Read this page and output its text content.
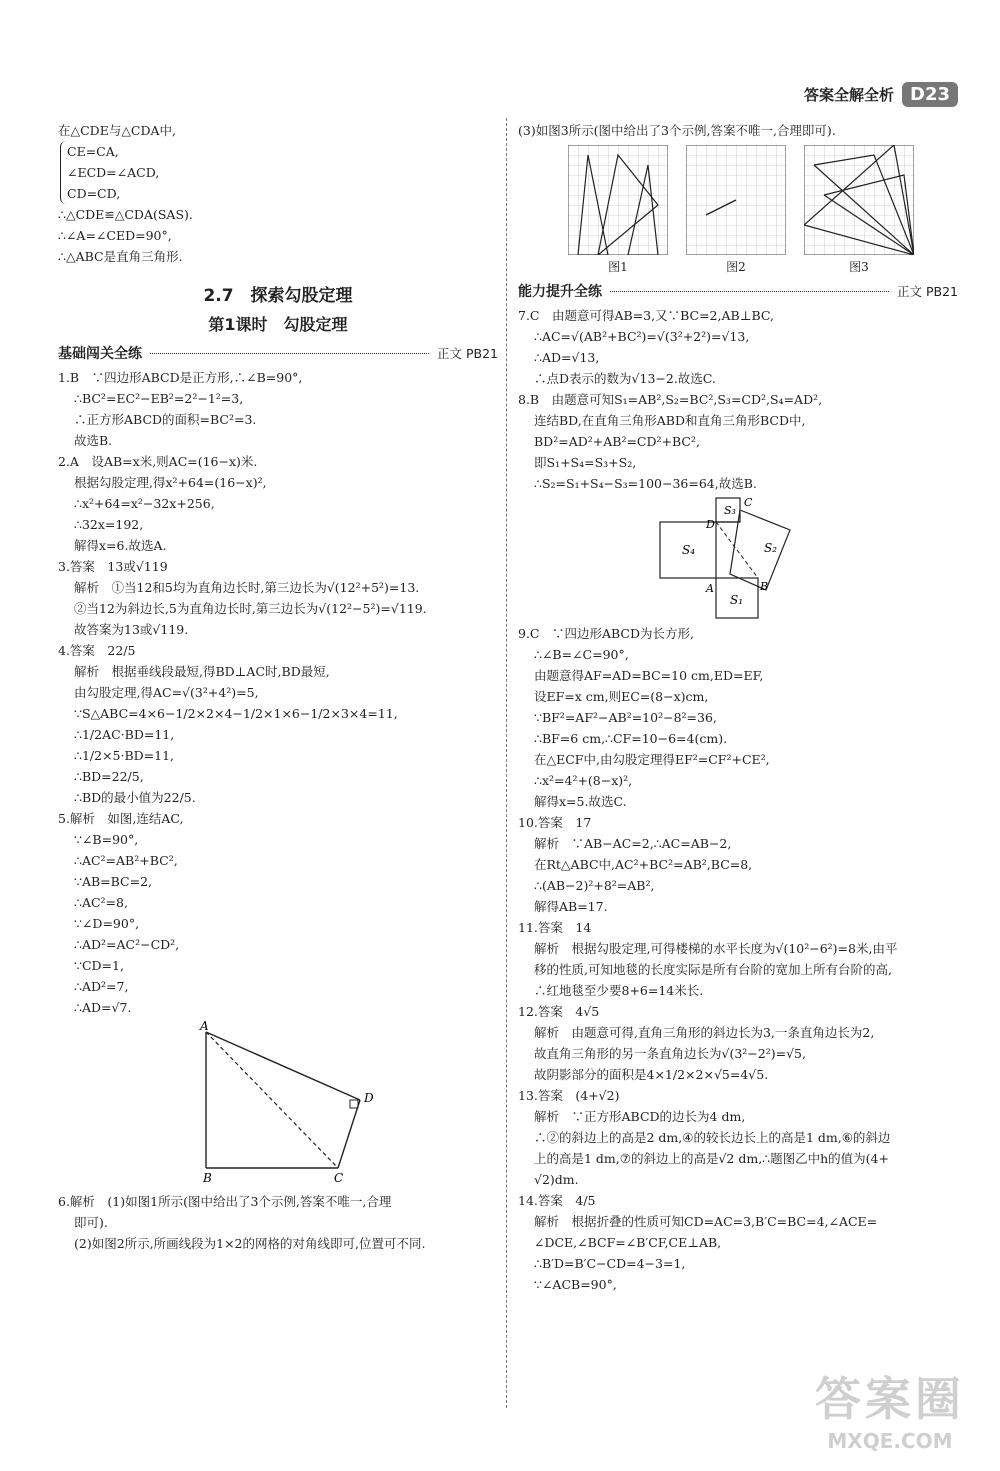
答案全解全析 D23
在△CDE与△CDA中,
CE=CA,
∠ECD=∠ACD,
CD=CD,
∴△CDE≌△CDA(SAS).
∴∠A=∠CED=90°,
∴△ABC是直角三角形.
2.7　探索勾股定理
第1课时　勾股定理
基础闯关全练	正文 PB21
1.B　∵四边形ABCD是正方形,∴∠B=90°,
∴BC²=EC²−EB²=2²−1²=3,
∴正方形ABCD的面积=BC²=3.
故选B.
2.A　设AB=x米,则AC=(16−x)米.
根据勾股定理,得x²+64=(16−x)²,
∴x²+64=x²−32x+256,
∴32x=192,
解得x=6.故选A.
3.答案　13或√119
解析　①当12和5均为直角边长时,第三边长为√(12²+5²)=13.
②当12为斜边长,5为直角边长时,第三边长为√(12²−5²)=√119.
故答案为13或√119.
4.答案　22/5
解析　根据垂线段最短,得BD⊥AC时,BD最短,
由勾股定理,得AC=√(3²+4²)=5,
∵S△ABC=4×6−1/2×2×4−1/2×1×6−1/2×3×4=11,
∴1/2AC·BD=11,
∴1/2×5·BD=11,
∴BD=22/5,
∴BD的最小值为22/5.
5.解析　如图,连结AC,
∵∠B=90°,
∴AC²=AB²+BC²,
∵AB=BC=2,
∴AC²=8,
∵∠D=90°,
∴AD²=AC²−CD²,
∵CD=1,
∴AD²=7,
∴AD=√7.
A
B	C
D
6.解析　(1)如图1所示(图中给出了3个示例,答案不唯一,合理
即可).
(2)如图2所示,所画线段为1×2的网格的对角线即可,位置可不同.
(3)如图3所示(图中给出了3个示例,答案不唯一,合理即可).
图1	图2	图3
能力提升全练	正文 PB21
7.C　由题意可得AB=3,又∵BC=2,AB⊥BC,
∴AC=√(AB²+BC²)=√(3²+2²)=√13,
∴AD=√13,
∴点D表示的数为√13−2.故选C.
8.B　由题意可知S₁=AB²,S₂=BC²,S₃=CD²,S₄=AD²,
连结BD,在直角三角形ABD和直角三角形BCD中,
BD²=AD²+AB²=CD²+BC²,
即S₁+S₄=S₃+S₂,
∴S₂=S₁+S₄−S₃=100−36=64,故选B.
S₄
S₁
S₃
S₂
A	B
C
D
9.C　∵四边形ABCD为长方形,
∴∠B=∠C=90°,
由题意得AF=AD=BC=10 cm,ED=EF,
设EF=x cm,则EC=(8−x)cm,
∵BF²=AF²−AB²=10²−8²=36,
∴BF=6 cm,∴CF=10−6=4(cm).
在△ECF中,由勾股定理得EF²=CF²+CE²,
∴x²=4²+(8−x)²,
解得x=5.故选C.
10.答案　17
解析　∵AB−AC=2,∴AC=AB−2,
在Rt△ABC中,AC²+BC²=AB²,BC=8,
∴(AB−2)²+8²=AB²,
解得AB=17.
11.答案　14
解析　根据勾股定理,可得楼梯的水平长度为√(10²−6²)=8米,由平
移的性质,可知地毯的长度实际是所有台阶的宽加上所有台阶的高,
∴红地毯至少要8+6=14米长.
12.答案　4√5
解析　由题意可得,直角三角形的斜边长为3,一条直角边长为2,
故直角三角形的另一条直角边长为√(3²−2²)=√5,
故阴影部分的面积是4×1/2×2×√5=4√5.
13.答案　(4+√2)
解析　∵正方形ABCD的边长为4 dm,
∴②的斜边上的高是2 dm,④的较长边长上的高是1 dm,⑥的斜边
上的高是1 dm,⑦的斜边上的高是√2 dm,∴题图乙中h的值为(4+
√2)dm.
14.答案　4/5
解析　根据折叠的性质可知CD=AC=3,B′C=BC=4,∠ACE=
∠DCE,∠BCF=∠B′CF,CE⊥AB,
∴B′D=B′C−CD=4−3=1,
∵∠ACB=90°,
答案圈
MXQE.COM
